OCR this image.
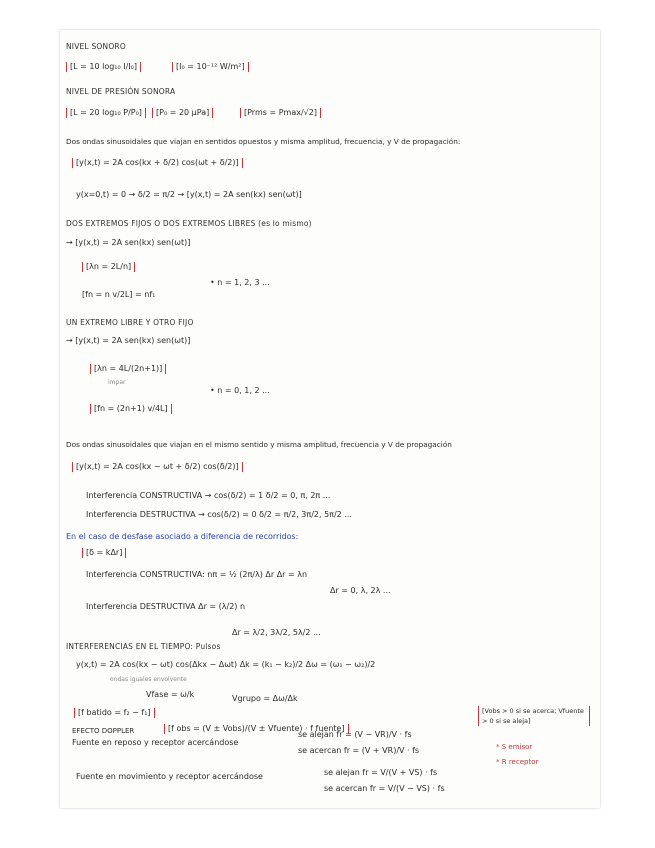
NIVEL SONORO
[L = 10 log₁₀ I/I₀]	[I₀ = 10⁻¹² W/m²]
NIVEL DE PRESIÓN SONORA
[L = 20 log₁₀ P/P₀]	[P₀ = 20 μPa]	[Prms = Pmax/√2]
Dos ondas sinusoidales que viajan en sentidos opuestos y misma amplitud, frecuencia, y V de propagación:
[y(x,t) = 2A cos(kx + δ/2) cos(ωt + δ/2)]
y(x=0,t) = 0 → δ/2 = π/2 → [y(x,t) = 2A sen(kx) sen(ωt)]
DOS EXTREMOS FIJOS O DOS EXTREMOS LIBRES (es lo mismo)
→ [y(x,t) = 2A sen(kx) sen(ωt)]
[λn = 2L/n]
[fn = n v/2L] = nf₁
• n = 1, 2, 3 ...
UN EXTREMO LIBRE Y OTRO FIJO
→ [y(x,t) = 2A sen(kx) sen(ωt)]
[λn = 4L/(2n+1)]
impar
[fn = (2n+1) v/4L]
• n = 0, 1, 2 ...
Dos ondas sinusoidales que viajan en el mismo sentido y misma amplitud, frecuencia y V de propagación
[y(x,t) = 2A cos(kx − ωt + δ/2) cos(δ/2)]
Interferencia CONSTRUCTIVA → cos(δ/2) = 1 δ/2 = 0, π, 2π ...
Interferencia DESTRUCTIVA → cos(δ/2) = 0 δ/2 = π/2, 3π/2, 5π/2 ...
En el caso de desfase asociado a diferencia de recorridos:
[δ = kΔr]
Interferencia CONSTRUCTIVA: nπ = ½ (2π/λ) Δr Δr = λn
Δr = 0, λ, 2λ ...
Interferencia DESTRUCTIVA Δr = (λ/2) n
Δr = λ/2, 3λ/2, 5λ/2 ...
INTERFERENCIAS EN EL TIEMPO: Pulsos
y(x,t) = 2A cos(kx − ωt) cos(Δkx − Δωt) Δk = (k₁ − k₂)/2 Δω = (ω₁ − ω₂)/2
ondas iguales envolvente
Vfase = ω/k	Vgrupo = Δω/Δk
[f batido = f₂ − f₁]	[Vobs > 0 si se acerca; Vfuente > 0 si se aleja]
EFECTO DOPPLER	[f obs = (V ± Vobs)/(V ± Vfuente) · f fuente]
Fuente en reposo y receptor acercándose
se alejan fr = (V − VR)/V · fs
se acercan fr = (V + VR)/V · fs	* S emisor
* R receptor
Fuente en movimiento y receptor acercándose	se alejan fr = V/(V + VS) · fs
se acercan fr = V/(V − VS) · fs
